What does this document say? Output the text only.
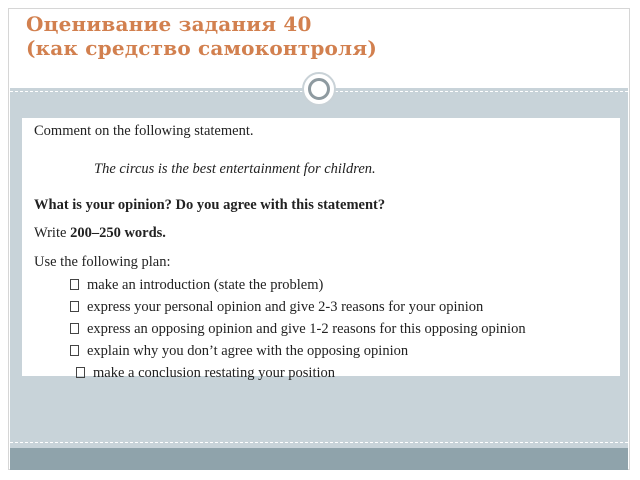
Оценивание задания 40
(как средство самоконтроля)
Comment on the following statement.
The circus is the best entertainment for children.
What is your opinion? Do you agree with this statement?
Write 200–250 words.
Use the following plan:
make an introduction (state the problem)
express your personal opinion and give 2-3 reasons for your opinion
express an opposing opinion and give 1-2 reasons for this opposing opinion
explain why you don’t agree with the opposing opinion
make a conclusion restating your position
